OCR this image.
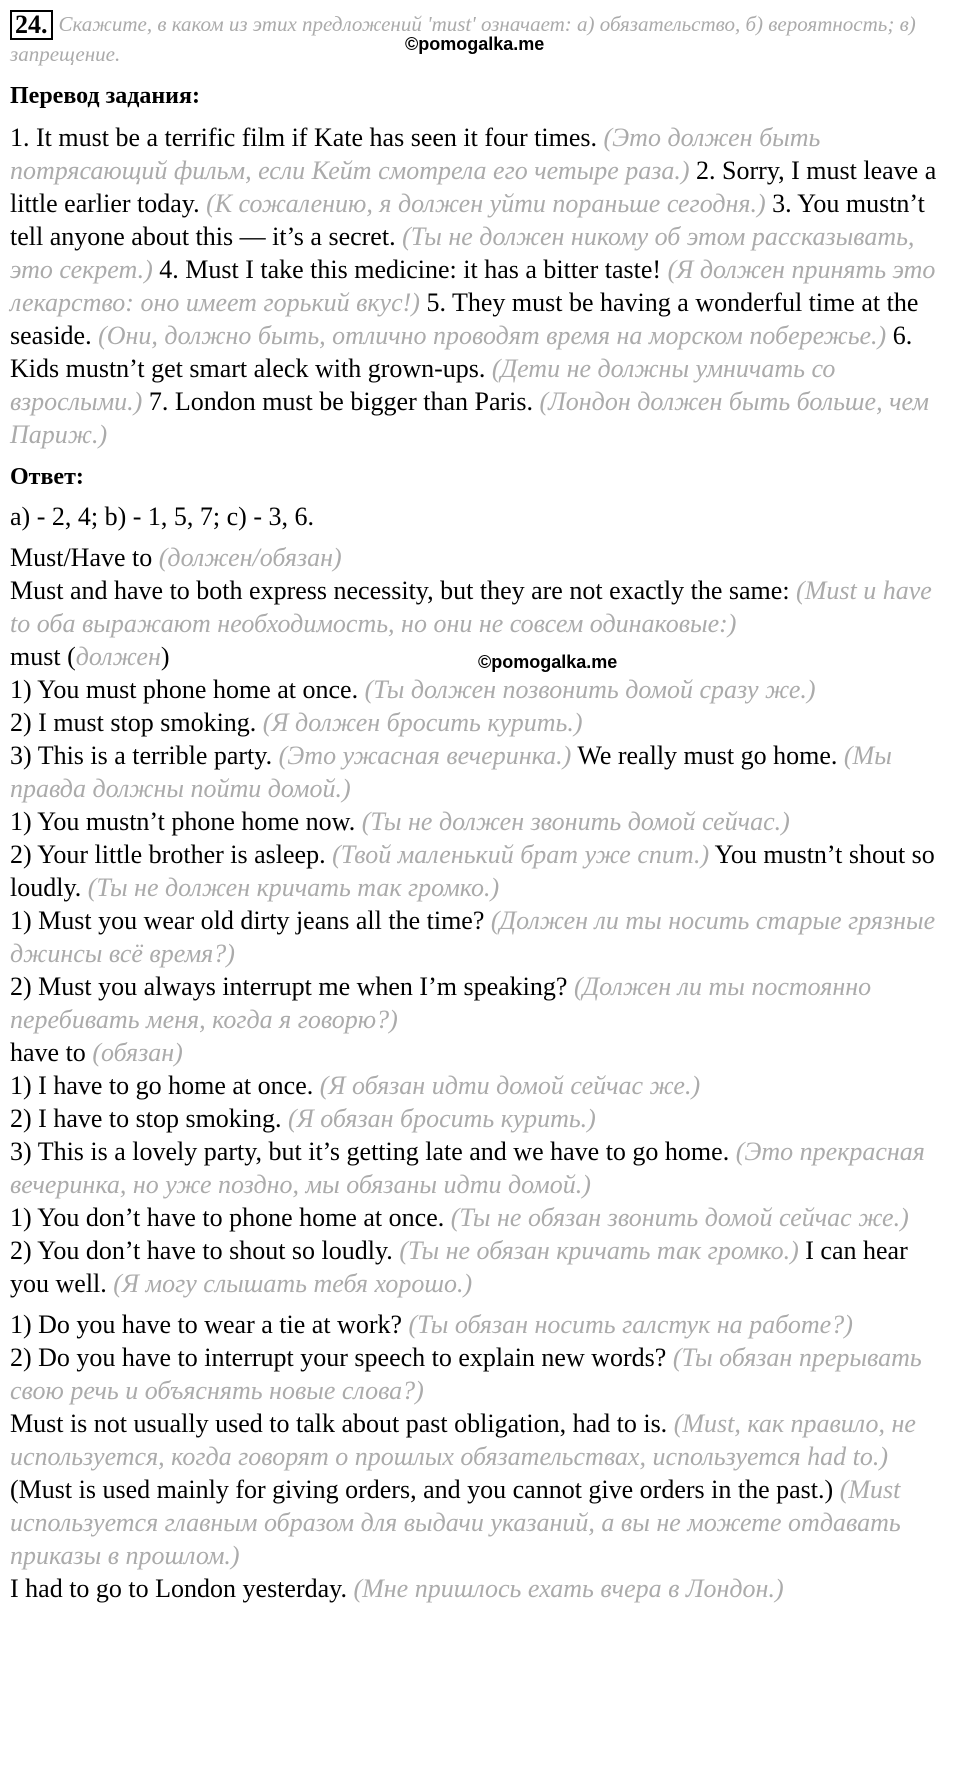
24. Скажите, в каком из этих предложений 'must' означает: а) обязательство, б) вероятность; в) запрещение.	©pomogalka.me

Перевод задания:

1. It must be a terrific film if Kate has seen it four times. (Это должен быть потрясающий фильм, если Кейт смотрела его четыре раза.) 2. Sorry, I must leave a little earlier today. (К сожалению, я должен уйти пораньше сегодня.) 3. You mustn’t tell anyone about this — it’s a secret. (Ты не должен никому об этом рассказывать, это секрет.) 4. Must I take this medicine: it has a bitter taste! (Я должен принять это лекарство: оно имеет горький вкус!) 5. They must be having a wonderful time at the seaside. (Они, должно быть, отлично проводят время на морском побережье.) 6. Kids mustn’t get smart aleck with grown-ups. (Дети не должны умничать со взрослыми.) 7. London must be bigger than Paris. (Лондон должен быть больше, чем Париж.)

Ответ:

а) - 2, 4; b) - 1, 5, 7; c) - 3, 6.

Must/Have to (должен/обязан)
Must and have to both express necessity, but they are not exactly the same: (Must и have to оба выражают необходимость, но они не совсем одинаковые:)
must (должен)	©pomogalka.me
1) You must phone home at once. (Ты должен позвонить домой сразу же.)
2) I must stop smoking. (Я должен бросить курить.)
3) This is a terrible party. (Это ужасная вечеринка.) We really must go home. (Мы правда должны пойти домой.)
1) You mustn’t phone home now. (Ты не должен звонить домой сейчас.)
2) Your little brother is asleep. (Твой маленький брат уже спит.) You mustn’t shout so loudly. (Ты не должен кричать так громко.)
1) Must you wear old dirty jeans all the time? (Должен ли ты носить старые грязные джинсы всё время?)
2) Must you always interrupt me when I’m speaking? (Должен ли ты постоянно перебивать меня, когда я говорю?)
have to (обязан)
1) I have to go home at once. (Я обязан идти домой сейчас же.)
2) I have to stop smoking. (Я обязан бросить курить.)
3) This is a lovely party, but it’s getting late and we have to go home. (Это прекрасная вечеринка, но уже поздно, мы обязаны идти домой.)
1) You don’t have to phone home at once. (Ты не обязан звонить домой сейчас же.)
2) You don’t have to shout so loudly. (Ты не обязан кричать так громко.) I can hear you well. (Я могу слышать тебя хорошо.)
1) Do you have to wear a tie at work? (Ты обязан носить галстук на работе?)
2) Do you have to interrupt your speech to explain new words? (Ты обязан прерывать свою речь и объяснять новые слова?)
Must is not usually used to talk about past obligation, had to is. (Must, как правило, не используется, когда говорят о прошлых обязательствах, используется had to.) (Must is used mainly for giving orders, and you cannot give orders in the past.) (Must используется главным образом для выдачи указаний, а вы не можете отдавать приказы в прошлом.)
I had to go to London yesterday. (Мне пришлось ехать вчера в Лондон.)
